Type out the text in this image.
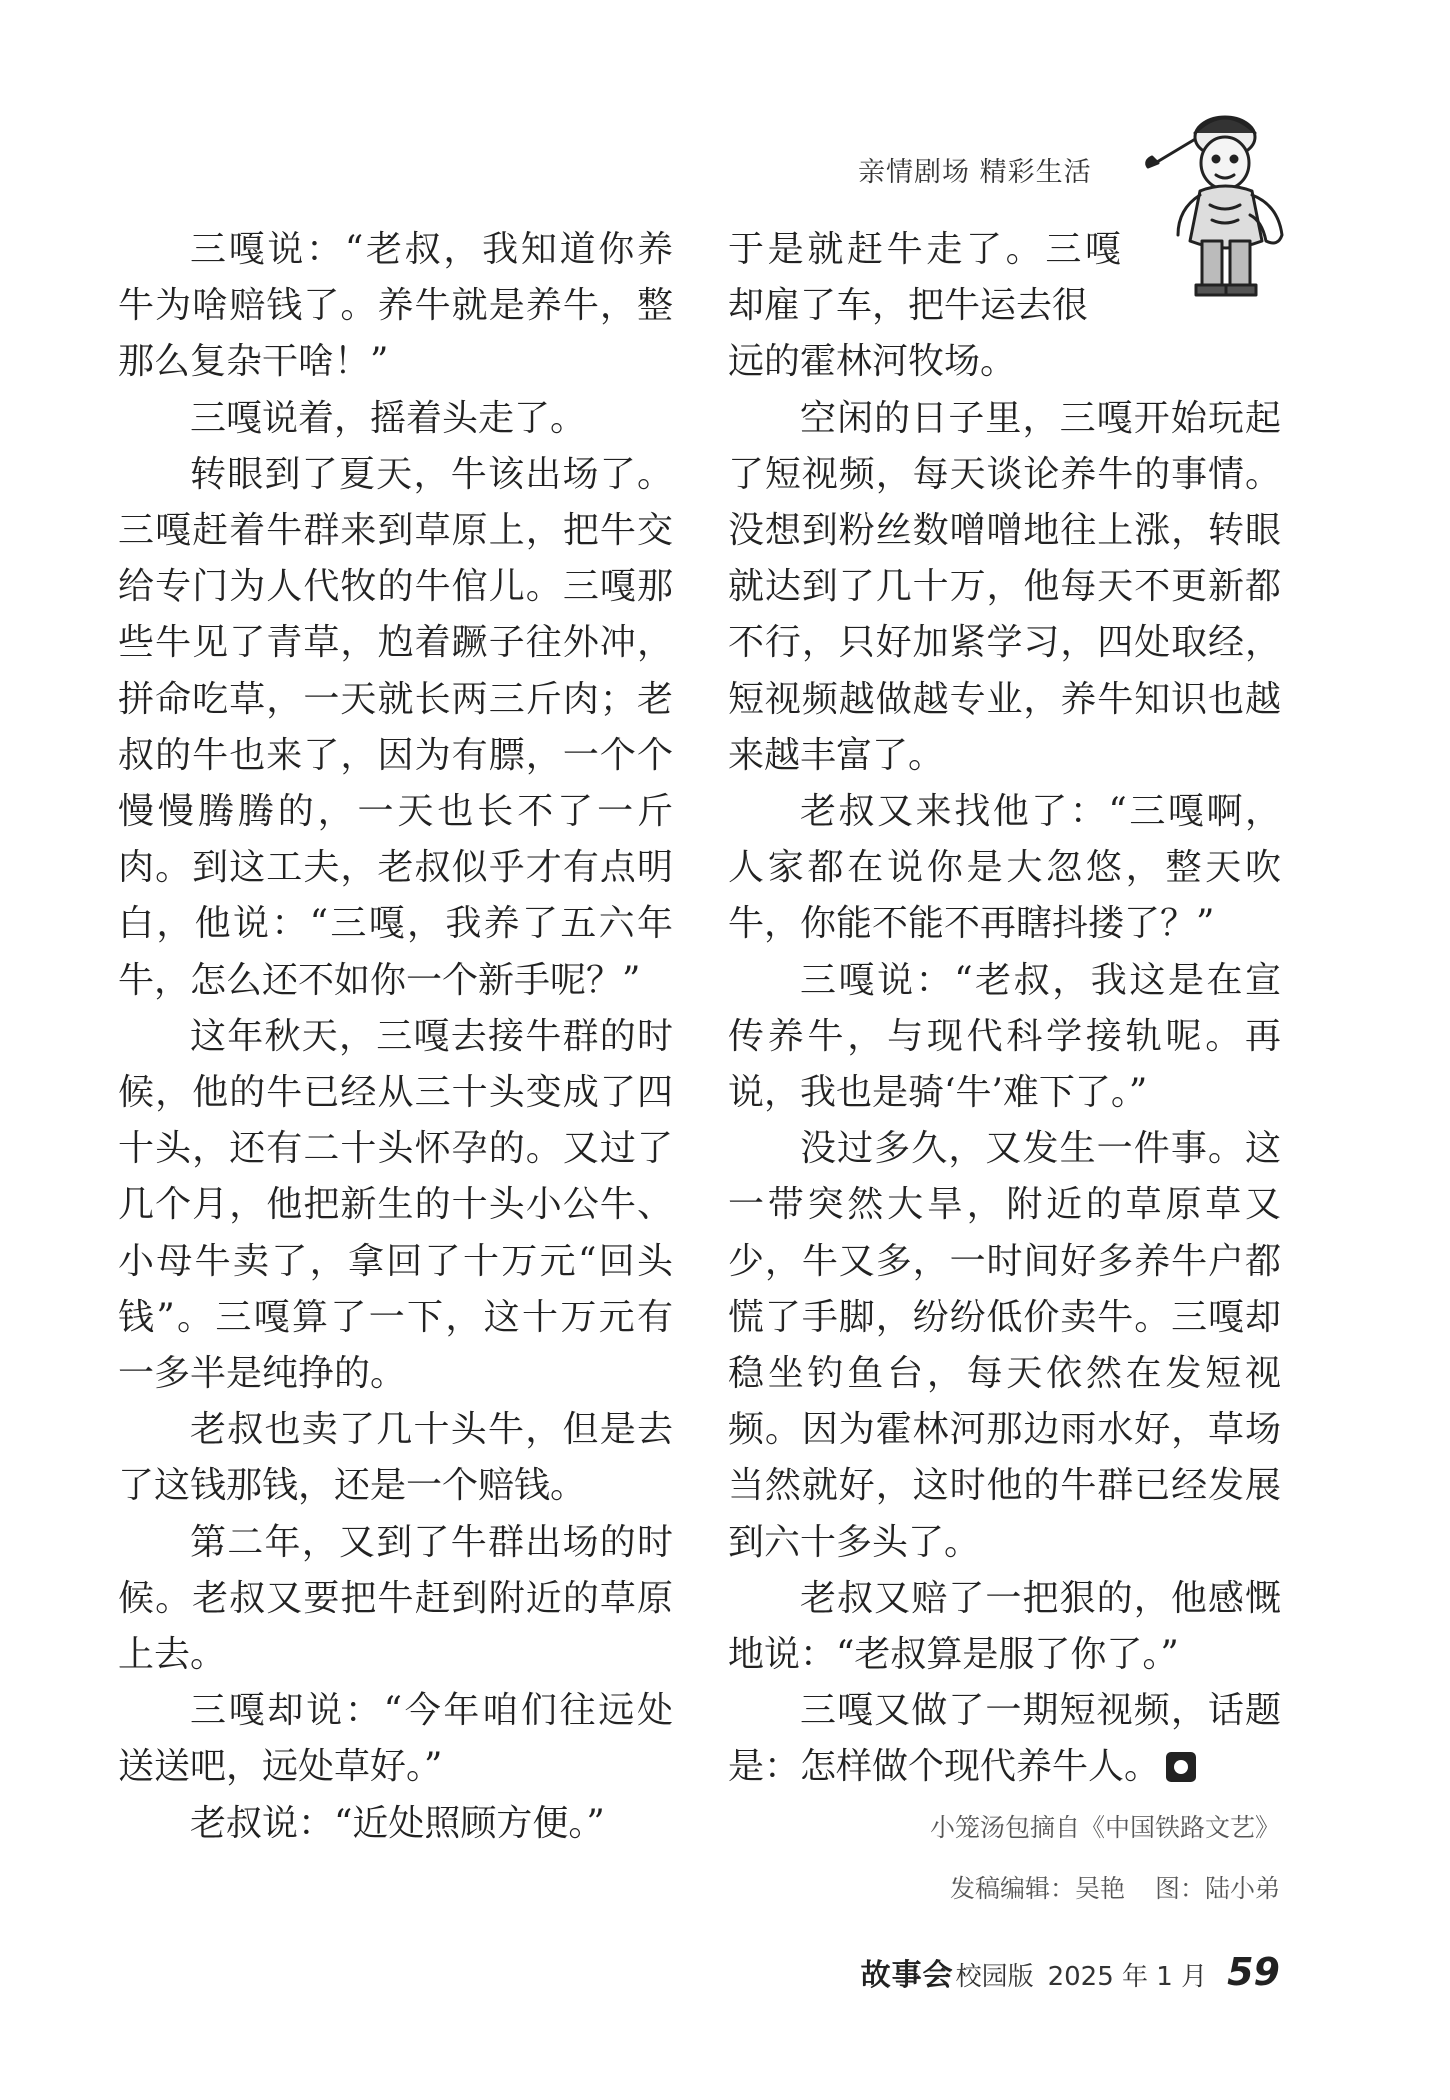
亲情剧场 精彩生活

三嘎说：“老叔，我知道你养牛为啥赔钱了。养牛就是养牛，整那么复杂干啥！”

三嘎说着，摇着头走了。

转眼到了夏天，牛该出场了。三嘎赶着牛群来到草原上，把牛交给专门为人代牧的牛倌儿。三嘎那些牛见了青草，尥着蹶子往外冲，拼命吃草，一天就长两三斤肉；老叔的牛也来了，因为有膘，一个个慢慢腾腾的，一天也长不了一斤肉。到这工夫，老叔似乎才有点明白，他说：“三嘎，我养了五六年牛，怎么还不如你一个新手呢？”

这年秋天，三嘎去接牛群的时候，他的牛已经从三十头变成了四十头，还有二十头怀孕的。又过了几个月，他把新生的十头小公牛、小母牛卖了，拿回了十万元“回头钱”。三嘎算了一下，这十万元有一多半是纯挣的。

老叔也卖了几十头牛，但是去了这钱那钱，还是一个赔钱。

第二年，又到了牛群出场的时候。老叔又要把牛赶到附近的草原上去。

三嘎却说：“今年咱们往远处送送吧，远处草好。”

老叔说：“近处照顾方便。”

于是就赶牛走了。三嘎却雇了车，把牛运去很

远的霍林河牧场。

空闲的日子里，三嘎开始玩起了短视频，每天谈论养牛的事情。没想到粉丝数噌噌地往上涨，转眼就达到了几十万，他每天不更新都不行，只好加紧学习，四处取经，短视频越做越专业，养牛知识也越来越丰富了。

老叔又来找他了：“三嘎啊，人家都在说你是大忽悠，整天吹牛，你能不能不再瞎抖搂了？”

三嘎说：“老叔，我这是在宣传养牛，与现代科学接轨呢。再说，我也是骑‘牛’难下了。”

没过多久，又发生一件事。这一带突然大旱，附近的草原草又少，牛又多，一时间好多养牛户都慌了手脚，纷纷低价卖牛。三嘎却稳坐钓鱼台，每天依然在发短视频。因为霍林河那边雨水好，草场当然就好，这时他的牛群已经发展到六十多头了。

老叔又赔了一把狠的，他感慨地说：“老叔算是服了你了。”

三嘎又做了一期短视频，话题是：怎样做个现代养牛人。

小笼汤包摘自《中国铁路文艺》
发稿编辑：吴艳 图：陆小弟
故事会 校园版 2025 年 1 月 59
